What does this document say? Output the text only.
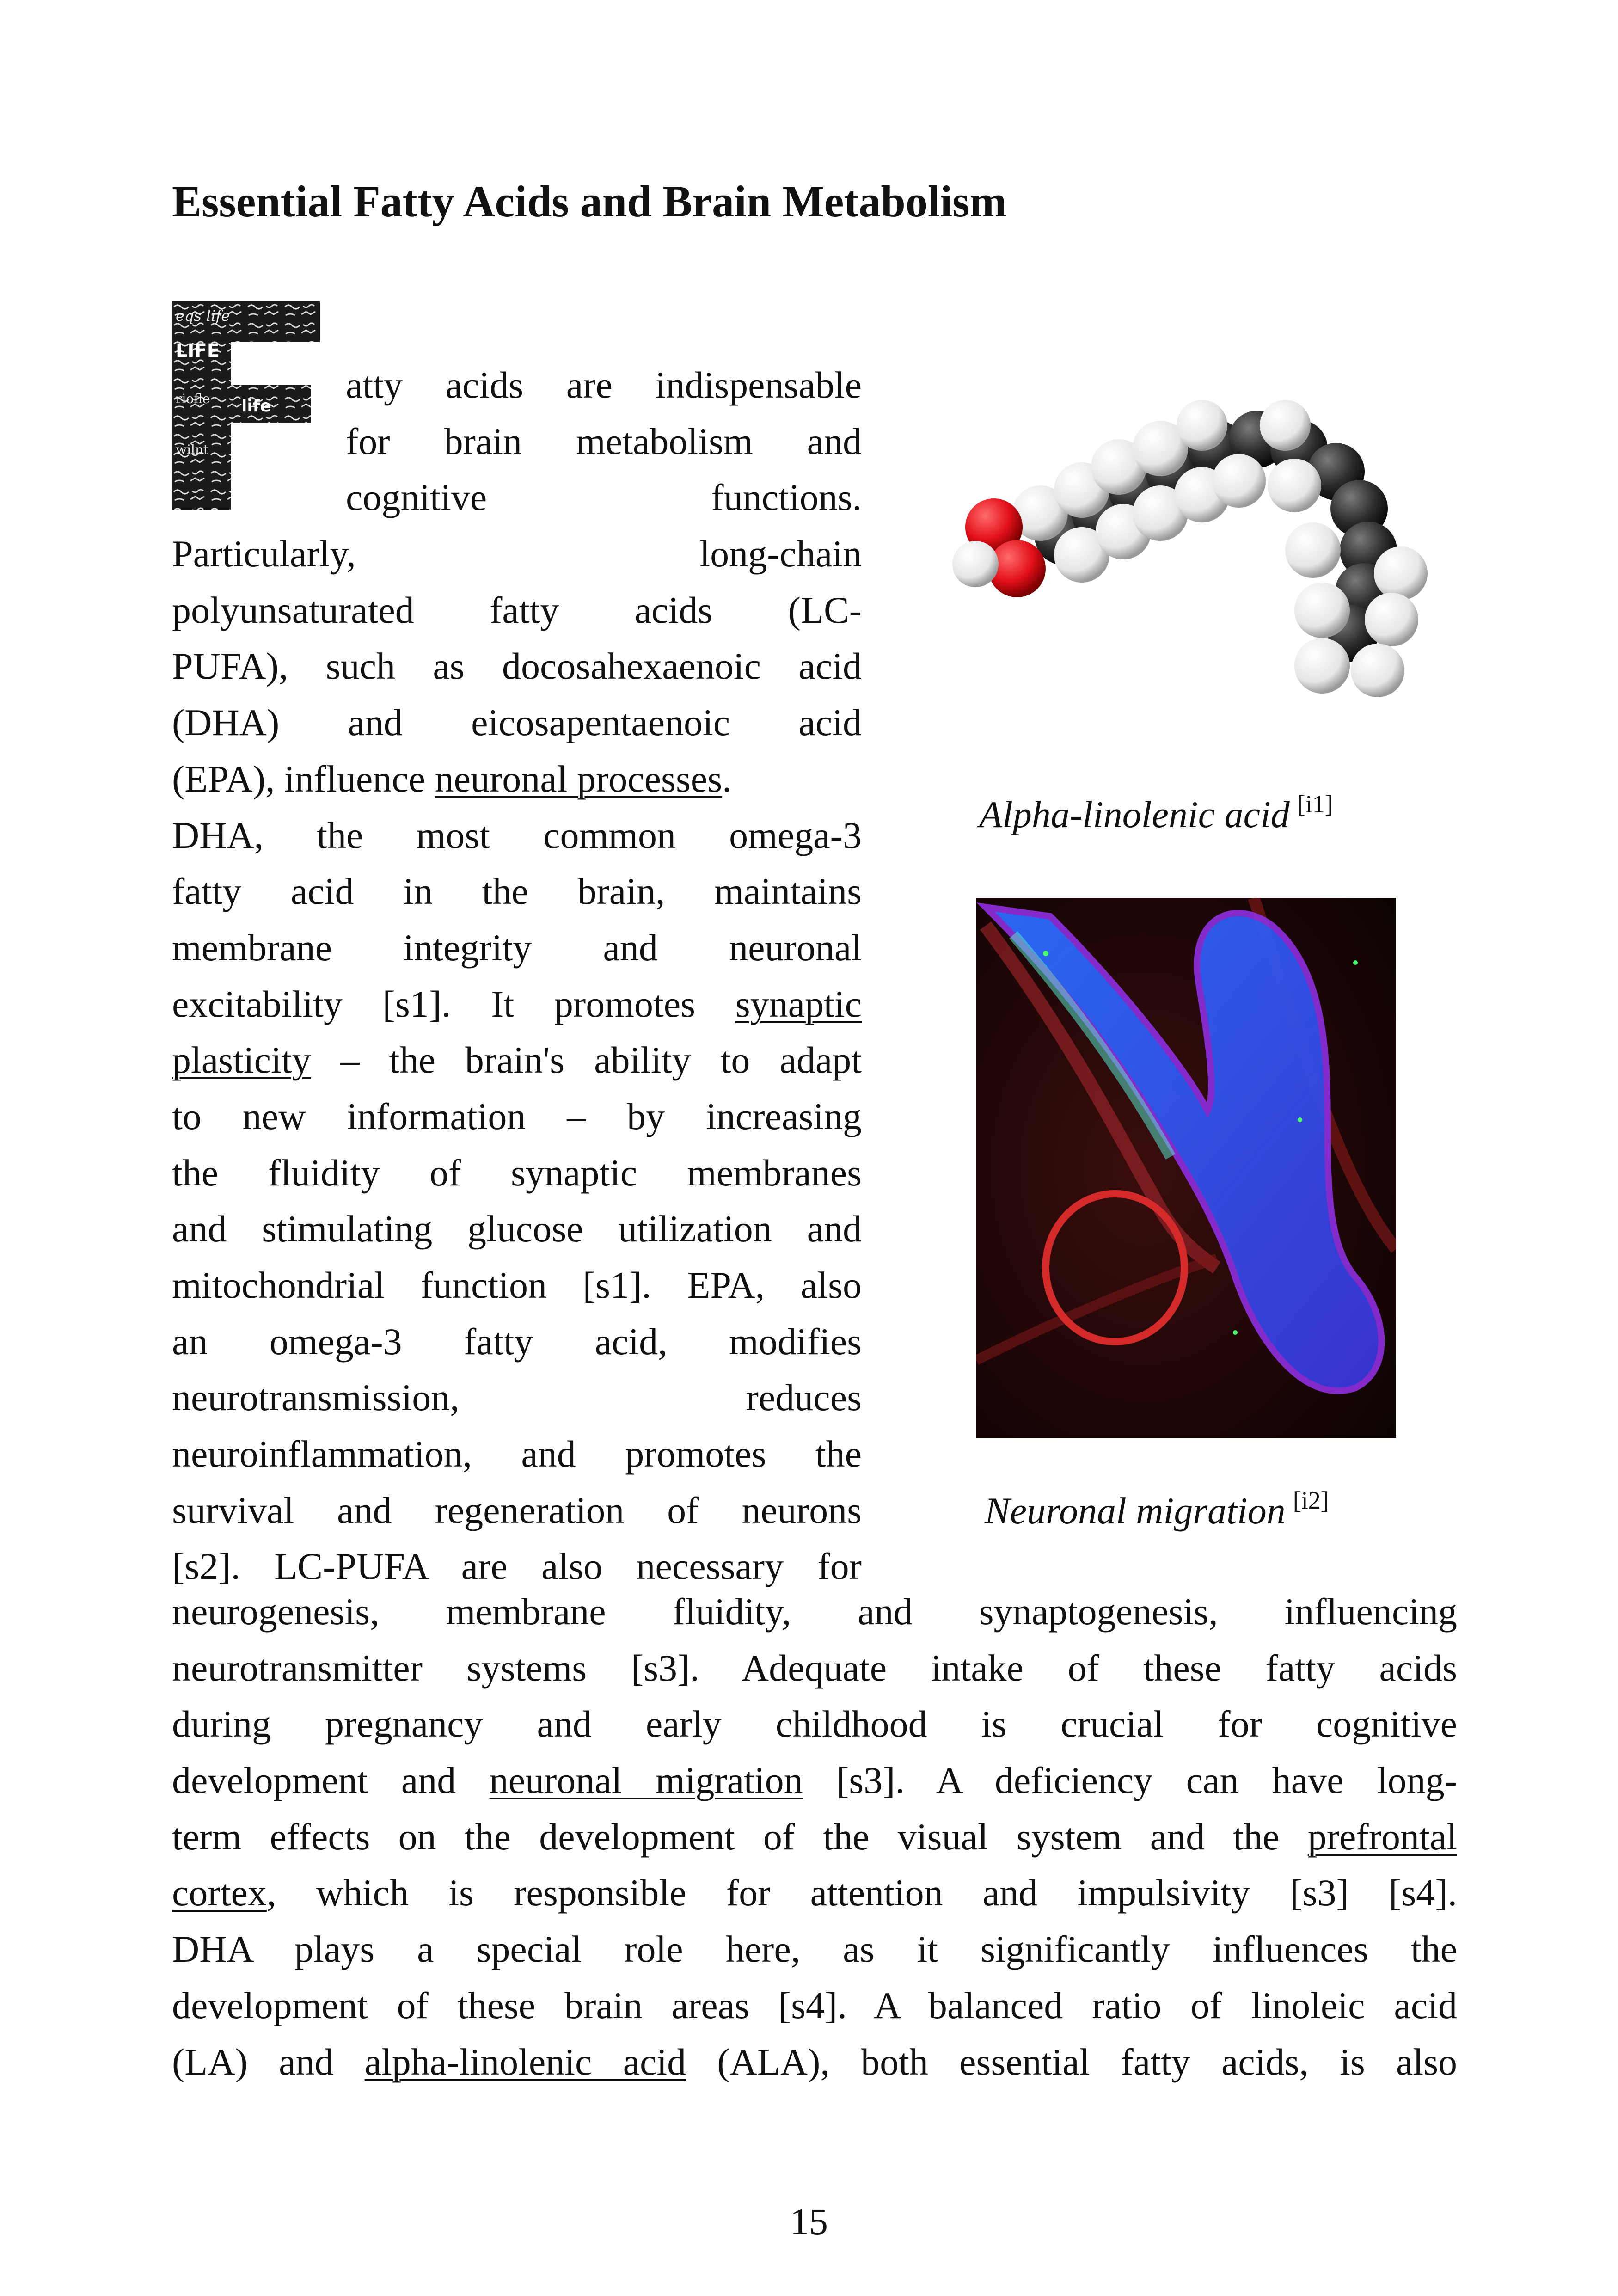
Essential Fatty Acids and Brain Metabolism
eqs life
LIFE
life
riofle
wilnt
atty acids are indispensable
for brain metabolism and
cognitive functions.
Particularly, long-chain
polyunsaturated fatty acids (LC-
PUFA), such as docosahexaenoic acid
(DHA) and eicosapentaenoic acid
(EPA), influence neuronal processes.
DHA, the most common omega-3
fatty acid in the brain, maintains
membrane integrity and neuronal
excitability [s1]. It promotes synaptic
plasticity – the brain's ability to adapt
to new information – by increasing
the fluidity of synaptic membranes
and stimulating glucose utilization and
mitochondrial function [s1]. EPA, also
an omega-3 fatty acid, modifies
neurotransmission, reduces
neuroinflammation, and promotes the
survival and regeneration of neurons
[s2]. LC-PUFA are also necessary for
neurogenesis, membrane fluidity, and synaptogenesis, influencing
neurotransmitter systems [s3]. Adequate intake of these fatty acids
during pregnancy and early childhood is crucial for cognitive
development and neuronal migration [s3]. A deficiency can have long-
term effects on the development of the visual system and the prefrontal
cortex, which is responsible for attention and impulsivity [s3] [s4].
DHA plays a special role here, as it significantly influences the
development of these brain areas [s4]. A balanced ratio of linoleic acid
(LA) and alpha-linolenic acid (ALA), both essential fatty acids, is also
Alpha-linolenic acid [i1]
Neuronal migration [i2]
15
